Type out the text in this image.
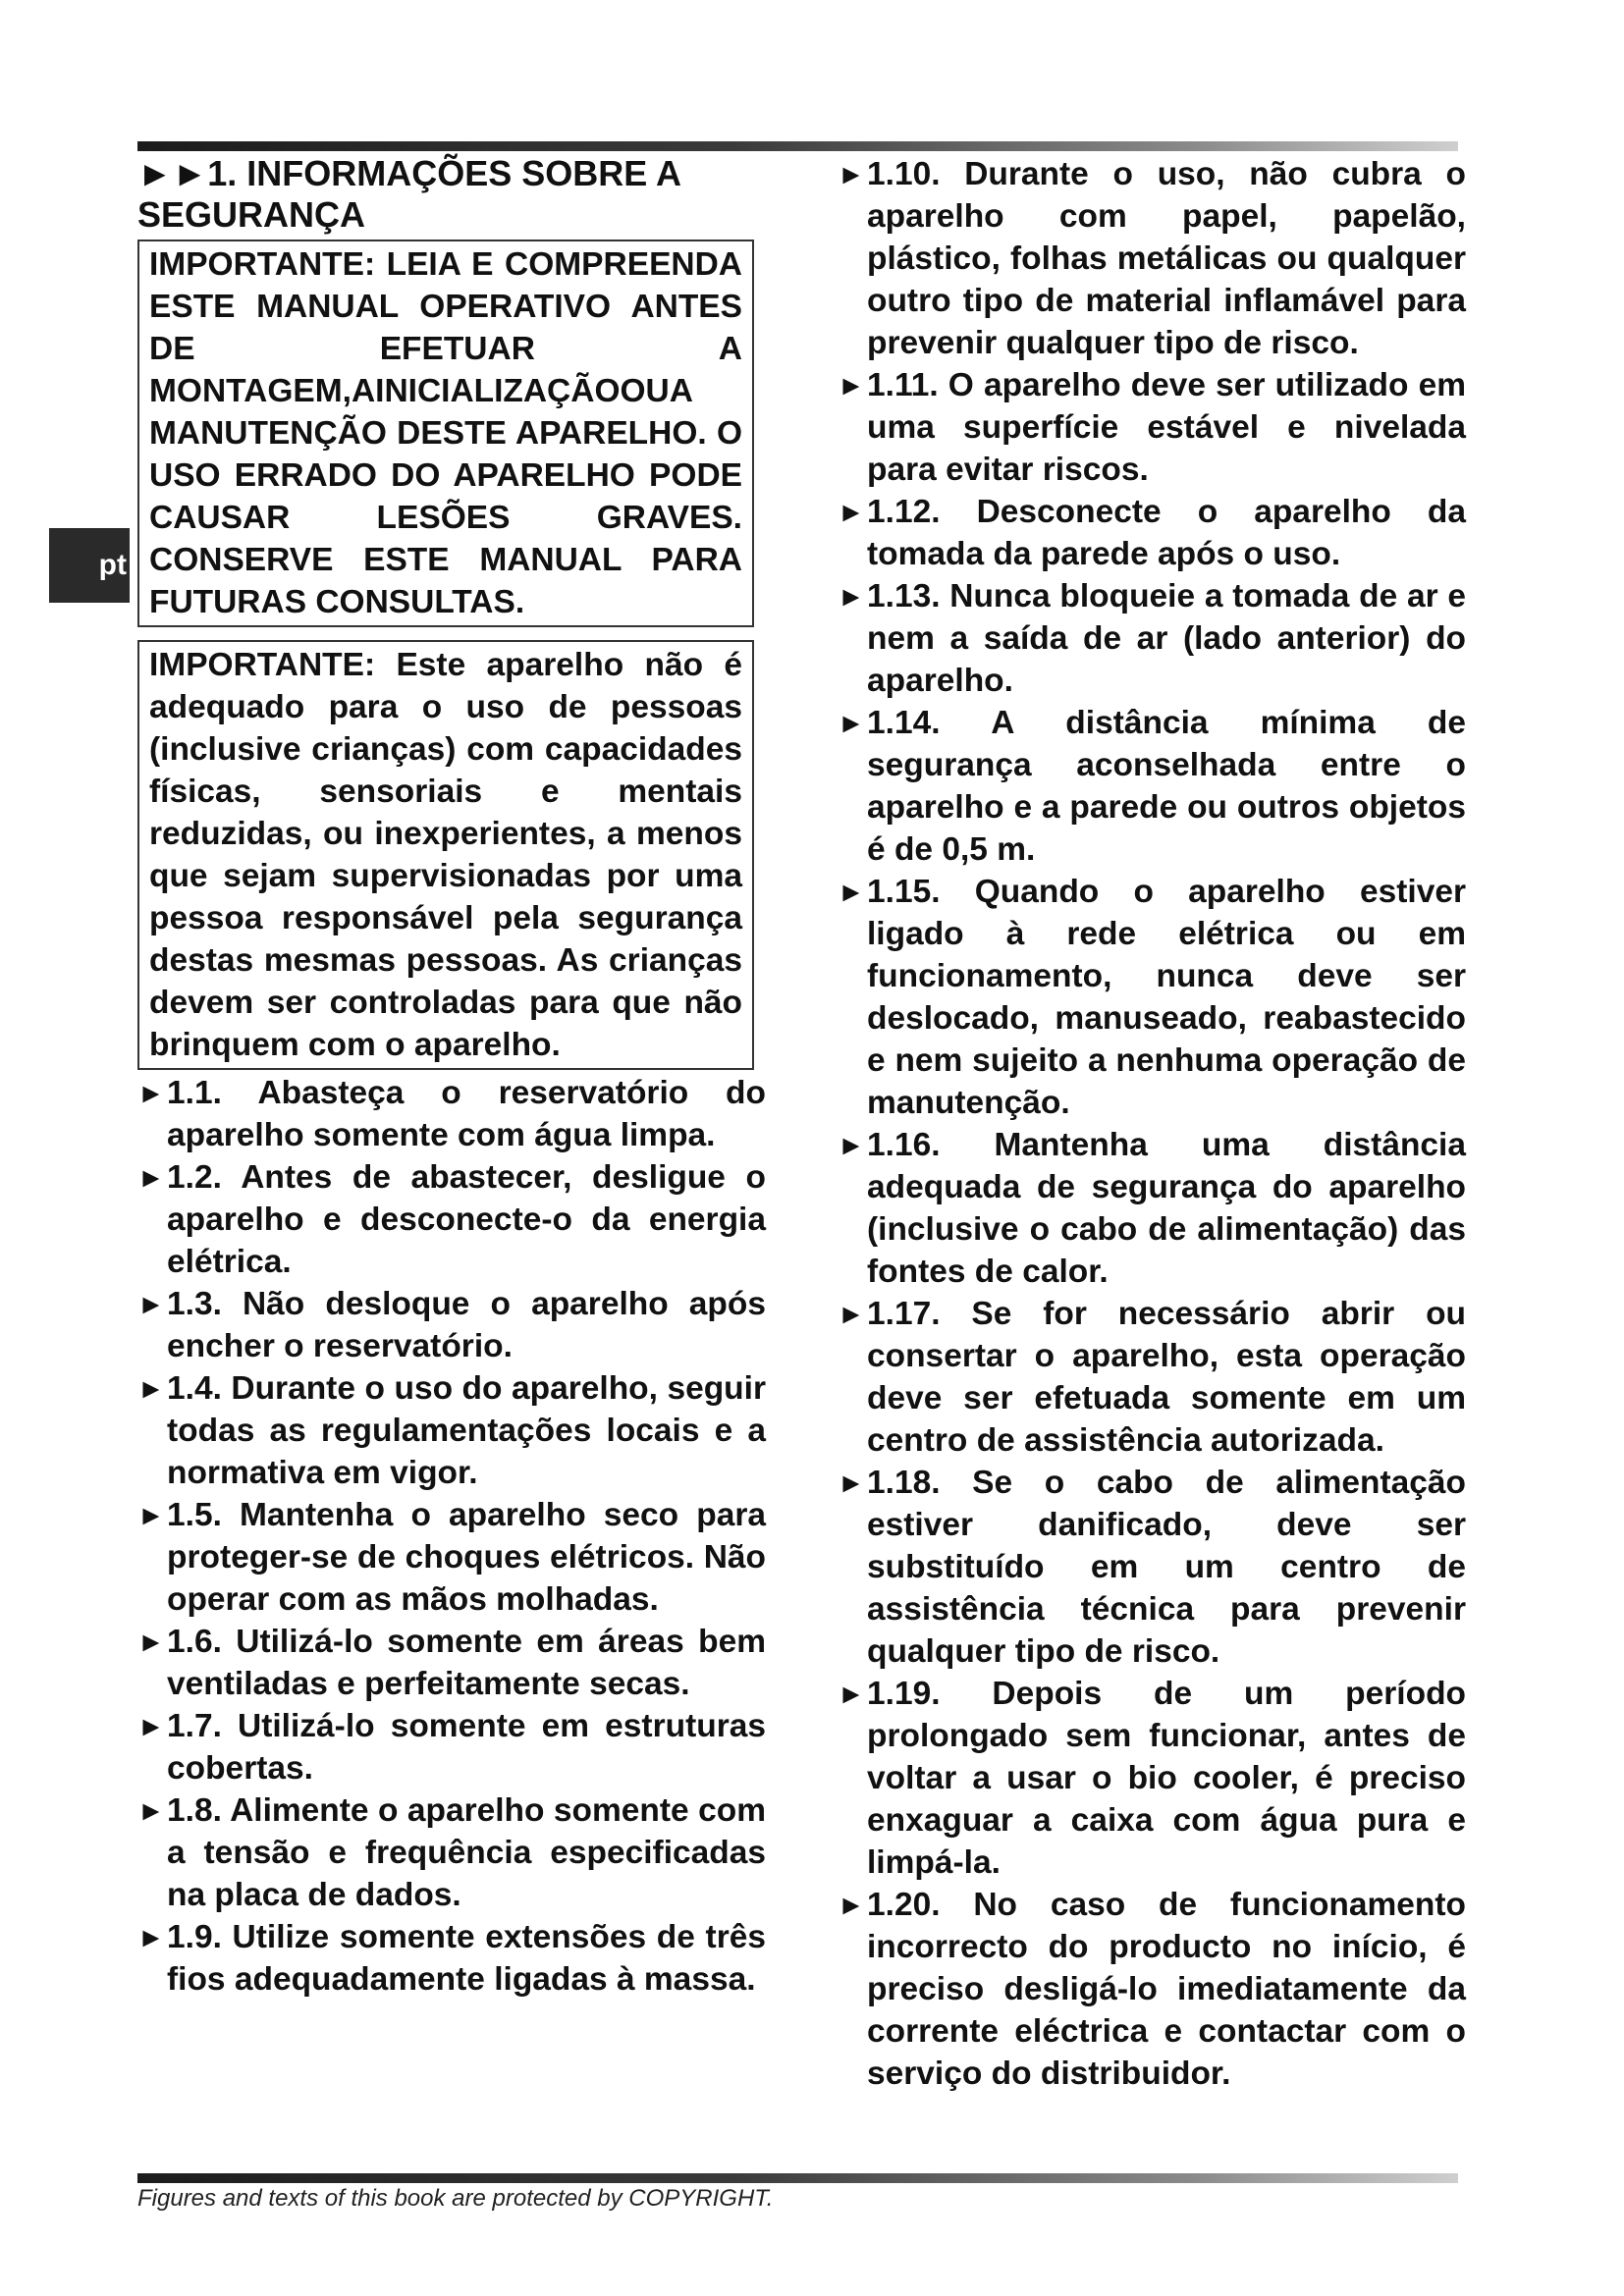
pt
►►1. INFORMAÇÕES SOBRE A SEGURANÇA

IMPORTANTE: LEIA E COMPREENDA ESTE MANUAL OPERATIVO ANTES DE EFETUAR A MONTAGEM,AINICIALIZAÇÃOOUA MANUTENÇÃO DESTE APARELHO. O USO ERRADO DO APARELHO PODE CAUSAR LESÕES GRAVES. CONSERVE ESTE MANUAL PARA FUTURAS CONSULTAS.

IMPORTANTE: Este aparelho não é adequado para o uso de pessoas (inclusive crianças) com capacidades físicas, sensoriais e mentais reduzidas, ou inexperientes, a menos que sejam supervisionadas por uma pessoa responsável pela segurança destas mesmas pessoas. As crianças devem ser controladas para que não brinquem com o aparelho.

► 1.1. Abasteça o reservatório do aparelho somente com água limpa.

► 1.2. Antes de abastecer, desligue o aparelho e desconecte-o da energia elétrica.

► 1.3. Não desloque o aparelho após encher o reservatório.

► 1.4. Durante o uso do aparelho, seguir todas as regulamentações locais e a normativa em vigor.

► 1.5. Mantenha o aparelho seco para proteger-se de choques elétricos. Não operar com as mãos molhadas.

► 1.6. Utilizá-lo somente em áreas bem ventiladas e perfeitamente secas.

► 1.7. Utilizá-lo somente em estruturas cobertas.

► 1.8. Alimente o aparelho somente com a tensão e frequência especificadas na placa de dados.

► 1.9. Utilize somente extensões de três fios adequadamente ligadas à massa.

► 1.10. Durante o uso, não cubra o aparelho com papel, papelão, plástico, folhas metálicas ou qualquer outro tipo de material inflamável para prevenir qualquer tipo de risco.

► 1.11. O aparelho deve ser utilizado em uma superfície estável e nivelada para evitar riscos.

► 1.12. Desconecte o aparelho da tomada da parede após o uso.

► 1.13. Nunca bloqueie a tomada de ar e nem a saída de ar (lado anterior) do aparelho.

► 1.14. A distância mínima de segurança aconselhada entre o aparelho e a parede ou outros objetos é de 0,5 m.

► 1.15. Quando o aparelho estiver ligado à rede elétrica ou em funcionamento, nunca deve ser deslocado, manuseado, reabastecido e nem sujeito a nenhuma operação de manutenção.

► 1.16. Mantenha uma distância adequada de segurança do aparelho (inclusive o cabo de alimentação) das fontes de calor.

► 1.17. Se for necessário abrir ou consertar o aparelho, esta operação deve ser efetuada somente em um centro de assistência autorizada.

► 1.18. Se o cabo de alimentação estiver danificado, deve ser substituído em um centro de assistência técnica para prevenir qualquer tipo de risco.

► 1.19. Depois de um período prolongado sem funcionar, antes de voltar a usar o bio cooler, é preciso enxaguar a caixa com água pura e limpá-la.

► 1.20. No caso de funcionamento incorrecto do producto no início, é preciso desligá-lo imediatamente da corrente eléctrica e contactar com o serviço do distribuidor.

Figures and texts of this book are protected by COPYRIGHT.
